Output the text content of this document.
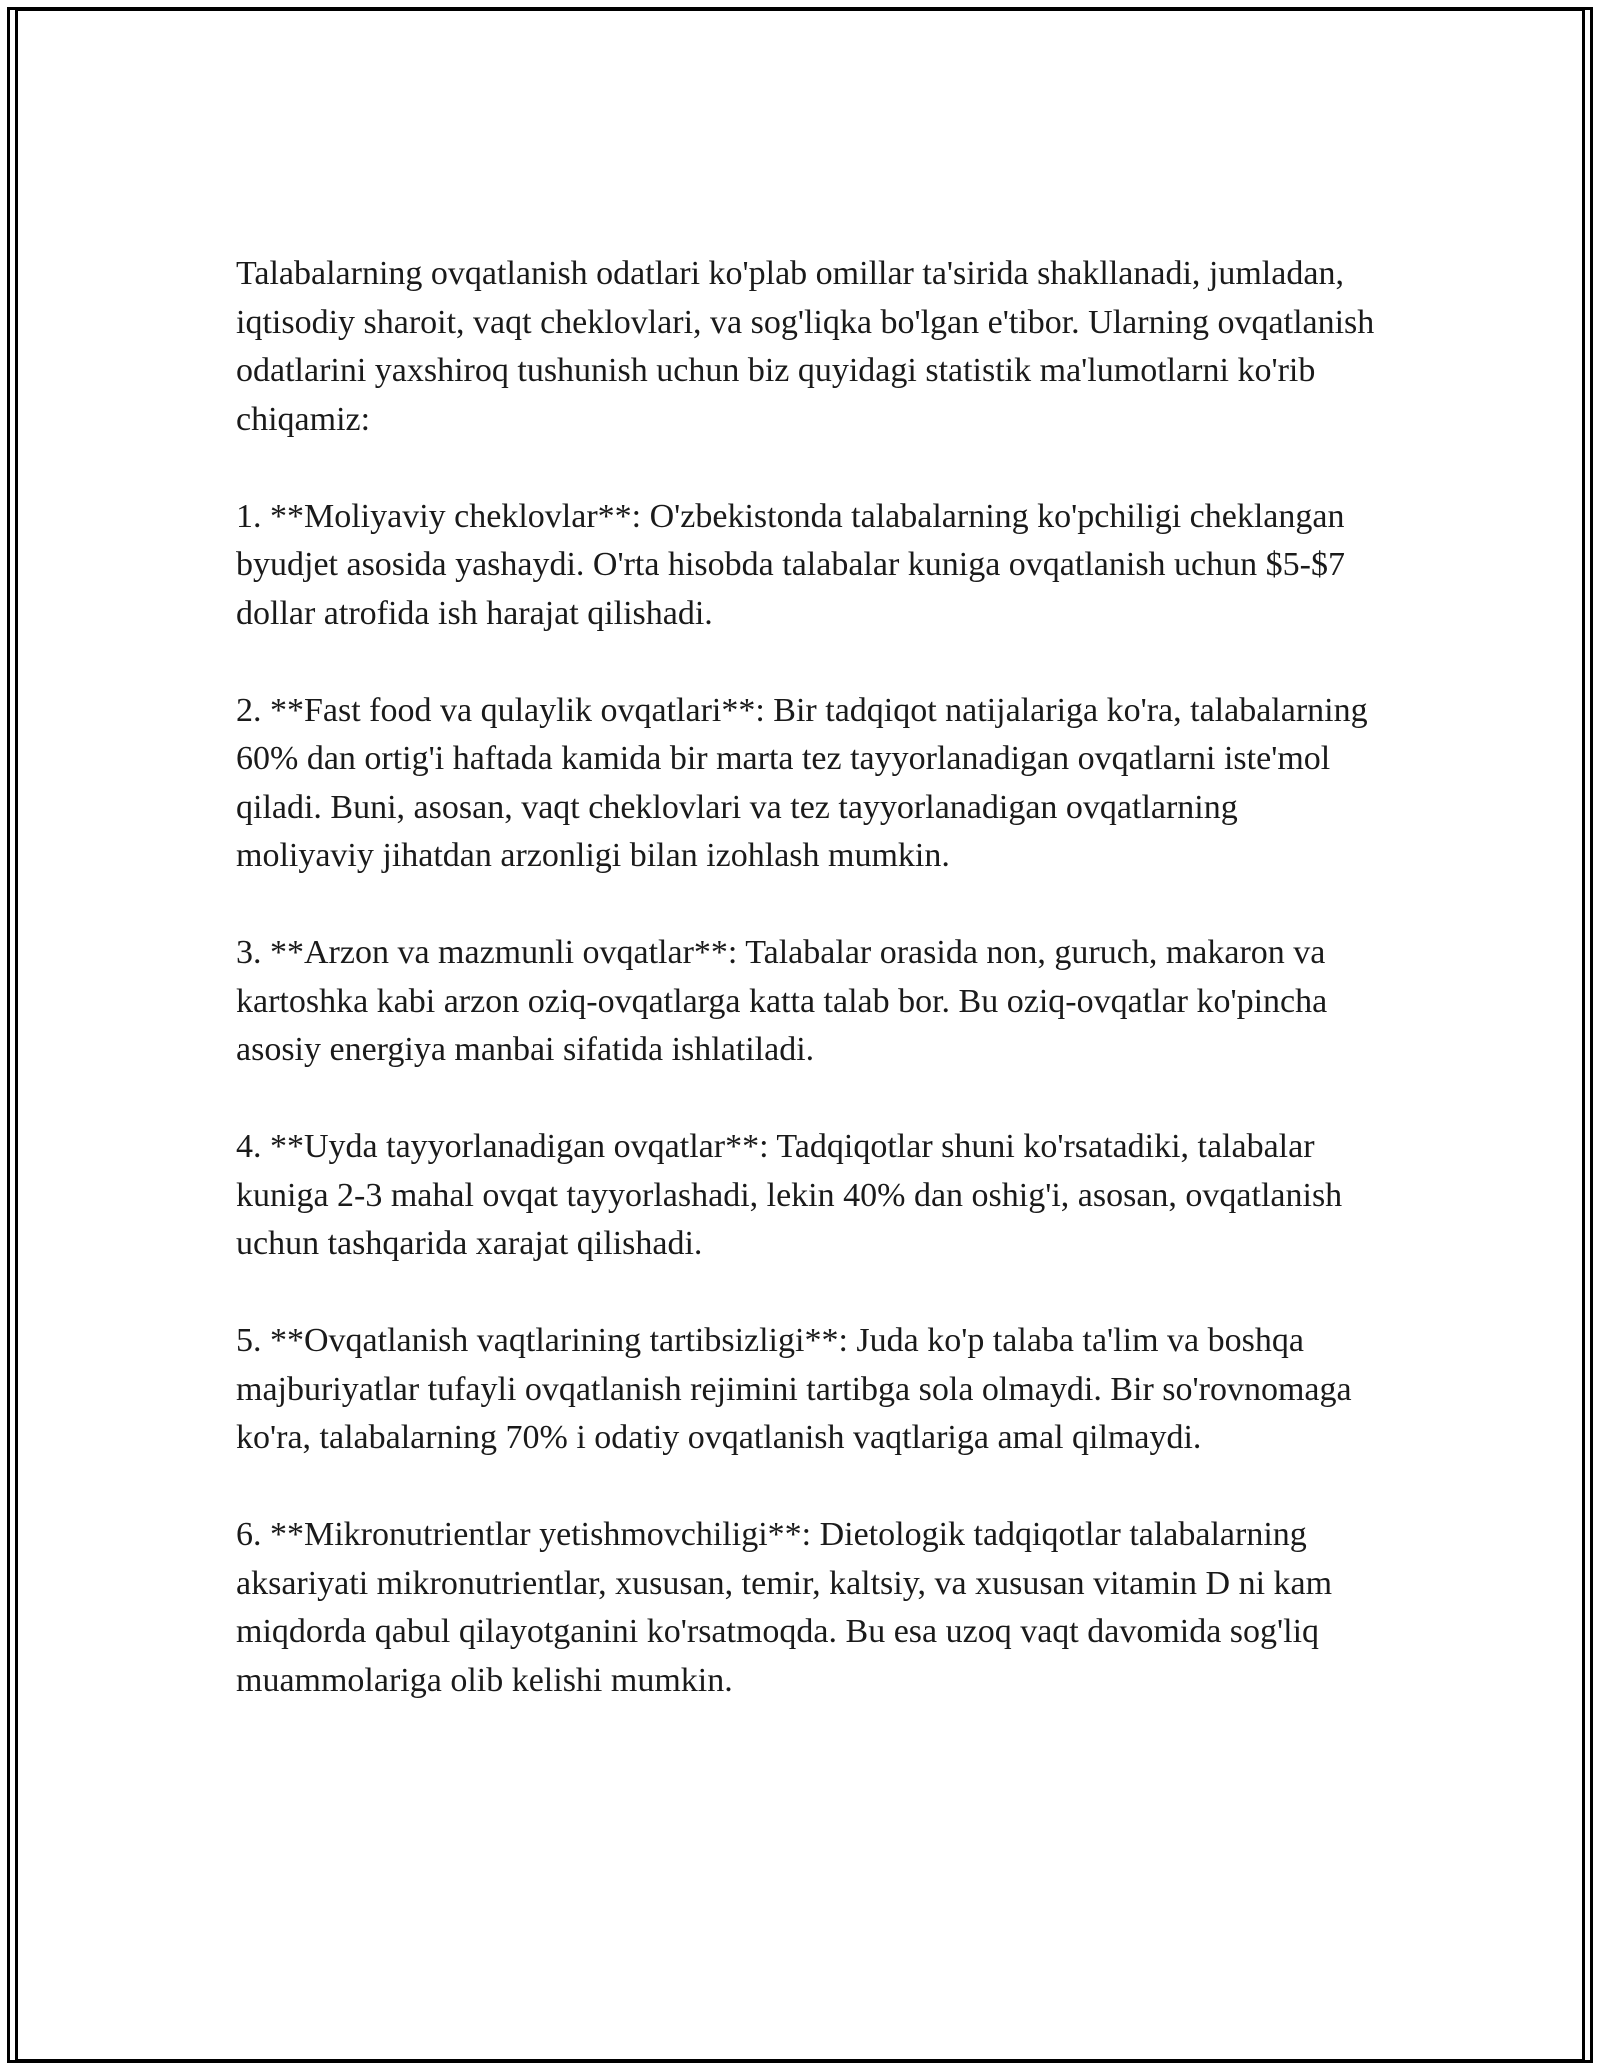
Talabalarning ovqatlanish odatlari ko'plab omillar ta'sirida shakllanadi, jumladan, iqtisodiy sharoit, vaqt cheklovlari, va sog'liqka bo'lgan e'tibor. Ularning ovqatlanish odatlarini yaxshiroq tushunish uchun biz quyidagi statistik ma'lumotlarni ko'rib chiqamiz:

1. **Moliyaviy cheklovlar**: O'zbekistonda talabalarning ko'pchiligi cheklangan byudjet asosida yashaydi. O'rta hisobda talabalar kuniga ovqatlanish uchun $5-$7 dollar atrofida ish harajat qilishadi.

2. **Fast food va qulaylik ovqatlari**: Bir tadqiqot natijalariga ko'ra, talabalarning 60% dan ortig'i haftada kamida bir marta tez tayyorlanadigan ovqatlarni iste'mol qiladi. Buni, asosan, vaqt cheklovlari va tez tayyorlanadigan ovqatlarning moliyaviy jihatdan arzonligi bilan izohlash mumkin.

3. **Arzon va mazmunli ovqatlar**: Talabalar orasida non, guruch, makaron va kartoshka kabi arzon oziq-ovqatlarga katta talab bor. Bu oziq-ovqatlar ko'pincha asosiy energiya manbai sifatida ishlatiladi.

4. **Uyda tayyorlanadigan ovqatlar**: Tadqiqotlar shuni ko'rsatadiki, talabalar kuniga 2-3 mahal ovqat tayyorlashadi, lekin 40% dan oshig'i, asosan, ovqatlanish uchun tashqarida xarajat qilishadi.

5. **Ovqatlanish vaqtlarining tartibsizligi**: Juda ko'p talaba ta'lim va boshqa majburiyatlar tufayli ovqatlanish rejimini tartibga sola olmaydi. Bir so'rovnomaga ko'ra, talabalarning 70% i odatiy ovqatlanish vaqtlariga amal qilmaydi.

6. **Mikronutrientlar yetishmovchiligi**: Dietologik tadqiqotlar talabalarning aksariyati mikronutrientlar, xususan, temir, kaltsiy, va xususan vitamin D ni kam miqdorda qabul qilayotganini ko'rsatmoqda. Bu esa uzoq vaqt davomida sog'liq muammolariga olib kelishi mumkin.
